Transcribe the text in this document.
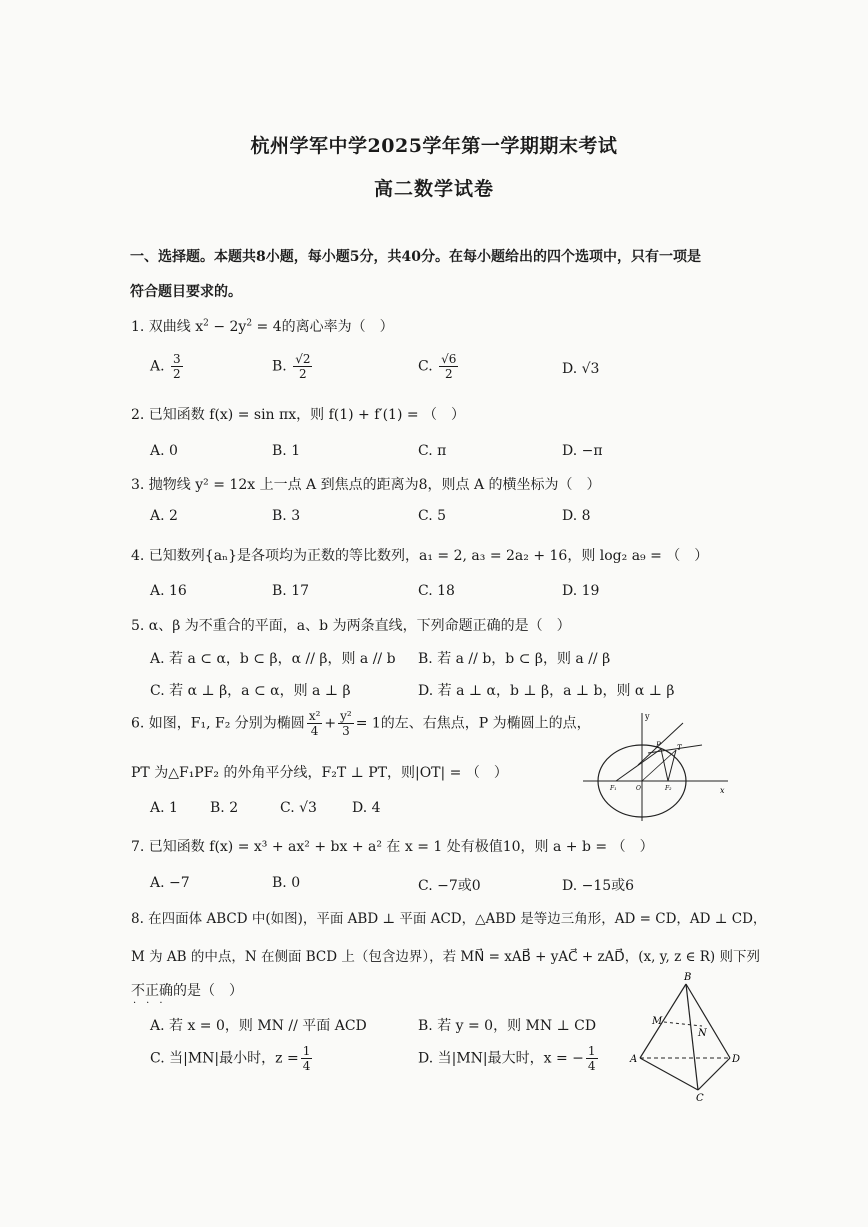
杭州学军中学2025学年第一学期期末考试
高二数学试卷
一、选择题。本题共8小题，每小题5分，共40分。在每小题给出的四个选项中，只有一项是
符合题目要求的。
1. 双曲线 $x^2 - 2y^2 = 4$的离心率为（　）
A. $\frac{3}{2}$	B. $\frac{√2}{2}$	C. $\frac{√6}{2}$	D. √3
2. 已知函数 f(x) = sin πx，则 f(1) + f′(1) = （　）
A. 0	B. 1	C. π	D. −π
3. 抛物线 y² = 12x 上一点 A 到焦点的距离为8，则点 A 的横坐标为（　）
A. 2	B. 3	C. 5	D. 8
4. 已知数列{aₙ}是各项均为正数的等比数列，a₁ = 2, a₃ = 2a₂ + 16，则 log₂ a₉ = （　）
A. 16	B. 17	C. 18	D. 19
5. α、β 为不重合的平面，a、b 为两条直线，下列命题正确的是（　）
A. 若 a ⊂ α，b ⊂ β，α // β，则 a // b B. 若 a // b，b ⊂ β，则 a // β
C. 若 α ⊥ β，a ⊂ α，则 a ⊥ β	D. 若 a ⊥ α，b ⊥ β，a ⊥ b，则 α ⊥ β
6. 如图，F₁, F₂ 分别为椭圆 $\frac{\text{x²}}{4} + \frac{\text{y²}}{3} = 1$的左、右焦点，P 为椭圆上的点，
PT 为△F₁PF₂ 的外角平分线，F₂T ⊥ PT，则|OT| = （　）
A. 1 B. 2	C. √3	D. 4
y
x
P T
F₁	O	F₂
7. 已知函数 f(x) = x³ + ax² + bx + a² 在 x = 1 处有极值10，则 a + b = （　）
A. −7	B. 0	C. −7或0	D. −15或6
8. 在四面体 ABCD 中(如图)，平面 ABD ⊥ 平面 ACD，△ABD 是等边三角形，AD = CD，AD ⊥ CD，
M 为 AB 的中点，N 在侧面 BCD 上（包含边界），若 MN⃗ = xAB⃗ + yAC⃗ + zAD⃗，(x, y, z ∈ R) 则下列
不正确的是（　）
···
A. 若 x = 0，则 MN // 平面 ACD	B. 若 y = 0，则 MN ⊥ CD
C. 当|MN|最小时，$z = \frac{1}{4}$	D. 当|MN|最大时，x = − $\frac{1}{4}$
B
M
N
A	D
C
